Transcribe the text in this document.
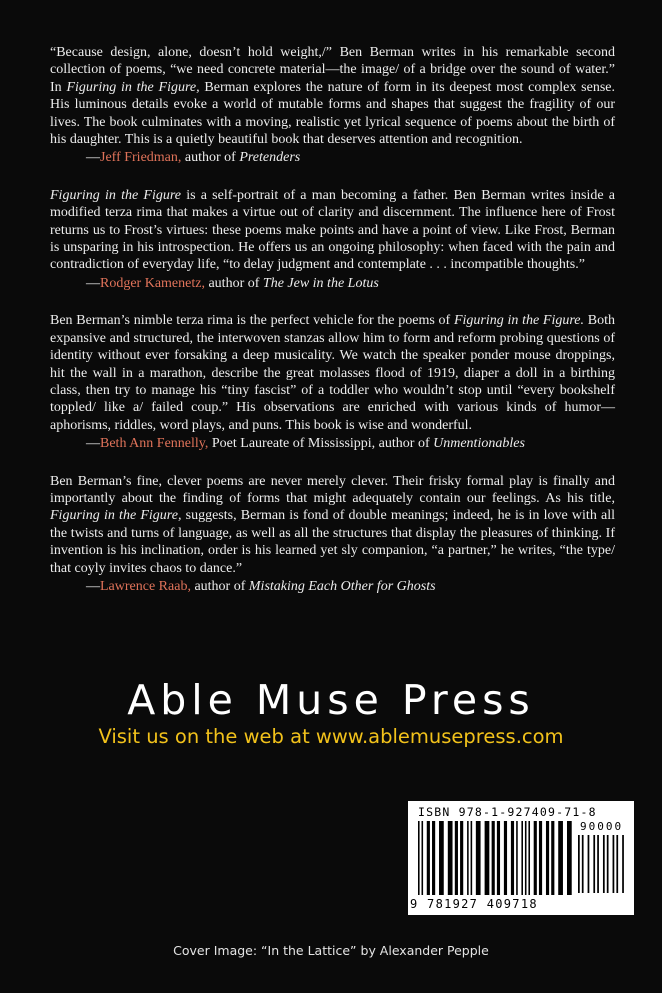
“Because design, alone, doesn’t hold weight,/” Ben Berman writes in his remarkable second collection of poems, “we need concrete material—the image/ of a bridge over the sound of water.” In Figuring in the Figure, Berman explores the nature of form in its deepest most complex sense. His luminous details evoke a world of mutable forms and shapes that suggest the fragility of our lives. The book culminates with a moving, realistic yet lyrical sequence of poems about the birth of his daughter. This is a quietly beautiful book that deserves attention and recognition.

—Jeff Friedman, author of Pretenders

Figuring in the Figure is a self-portrait of a man becoming a father. Ben Berman writes inside a modified terza rima that makes a virtue out of clarity and discernment. The influence here of Frost returns us to Frost’s virtues: these poems make points and have a point of view. Like Frost, Berman is unsparing in his introspection. He offers us an ongoing philosophy: when faced with the pain and contradiction of everyday life, “to delay judgment and contemplate . . . incompatible thoughts.”

—Rodger Kamenetz, author of The Jew in the Lotus

Ben Berman’s nimble terza rima is the perfect vehicle for the poems of Figuring in the Figure. Both expansive and structured, the interwoven stanzas allow him to form and reform probing questions of identity without ever forsaking a deep musicality. We watch the speaker ponder mouse droppings, hit the wall in a marathon, describe the great molasses flood of 1919, diaper a doll in a birthing class, then try to manage his “tiny fascist” of a toddler who wouldn’t stop until “every bookshelf toppled/ like a/ failed coup.” His observations are enriched with various kinds of humor—aphorisms, riddles, word plays, and puns. This book is wise and wonderful.

—Beth Ann Fennelly, Poet Laureate of Mississippi, author of Unmentionables

Ben Berman’s fine, clever poems are never merely clever. Their frisky formal play is finally and importantly about the finding of forms that might adequately contain our feelings. As his title, Figuring in the Figure, suggests, Berman is fond of double meanings; indeed, he is in love with all the twists and turns of language, as well as all the structures that display the pleasures of thinking. If invention is his inclination, order is his learned yet sly companion, “a partner,” he writes, “the type/ that coyly invites chaos to dance.”

—Lawrence Raab, author of Mistaking Each Other for Ghosts
Able Muse Press
Visit us on the web at www.ablemusepress.com
ISBN 978-1-927409-71-8
90000
9 781927 409718
Cover Image: “In the Lattice” by Alexander Pepple
